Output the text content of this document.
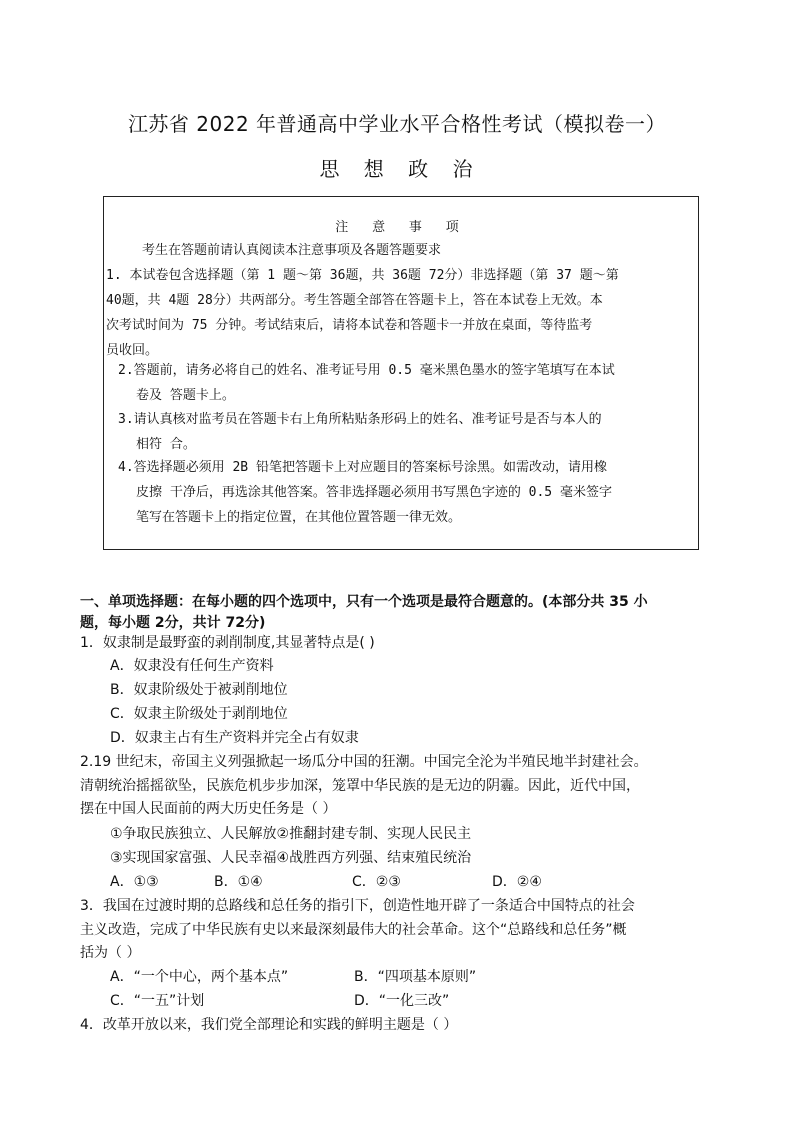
江苏省 2022 年普通高中学业水平合格性考试（模拟卷一）
思 想 政 治
注 意 事 项
考生在答题前请认真阅读本注意事项及各题答题要求
1. 本试卷包含选择题（第 1 题～第 36题，共 36题 72分）非选择题（第 37 题～第
40题，共 4题 28分）共两部分。考生答题全部答在答题卡上，答在本试卷上无效。本
次考试时间为 75 分钟。考试结束后，请将本试卷和答题卡一并放在桌面，等待监考
员收回。
2.答题前，请务必将自己的姓名、准考证号用 0.5 毫米黑色墨水的签字笔填写在本试
卷及 答题卡上。
3.请认真核对监考员在答题卡右上角所粘贴条形码上的姓名、准考证号是否与本人的
相符 合。
4.答选择题必须用 2B 铅笔把答题卡上对应题目的答案标号涂黑。如需改动，请用橡
皮擦 干净后，再选涂其他答案。答非选择题必须用书写黑色字迹的 0.5 毫米签字
笔写在答题卡上的指定位置，在其他位置答题一律无效。
一、单项选择题：在每小题的四个选项中，只有一个选项是最符合题意的。(本部分共 35 小
题，每小题 2分，共计 72分)
1．奴隶制是最野蛮的剥削制度,其显著特点是( )
A．奴隶没有任何生产资料
B．奴隶阶级处于被剥削地位
C．奴隶主阶级处于剥削地位
D．奴隶主占有生产资料并完全占有奴隶
2.19 世纪末，帝国主义列强掀起一场瓜分中国的狂潮。中国完全沦为半殖民地半封建社会。
清朝统治摇摇欲坠，民族危机步步加深，笼罩中华民族的是无边的阴霾。因此，近代中国，
摆在中国人民面前的两大历史任务是（ ）
①争取民族独立、人民解放②推翻封建专制、实现人民民主
③实现国家富强、人民幸福④战胜西方列强、结束殖民统治
A．①③	B．①④	C．②③	D．②④
3．我国在过渡时期的总路线和总任务的指引下，创造性地开辟了一条适合中国特点的社会
主义改造，完成了中华民族有史以来最深刻最伟大的社会革命。这个“总路线和总任务”概
括为（ ）
A．“一个中心，两个基本点”	B．“四项基本原则”
C．“一五”计划	D．“一化三改”
4．改革开放以来，我们党全部理论和实践的鲜明主题是（ ）
